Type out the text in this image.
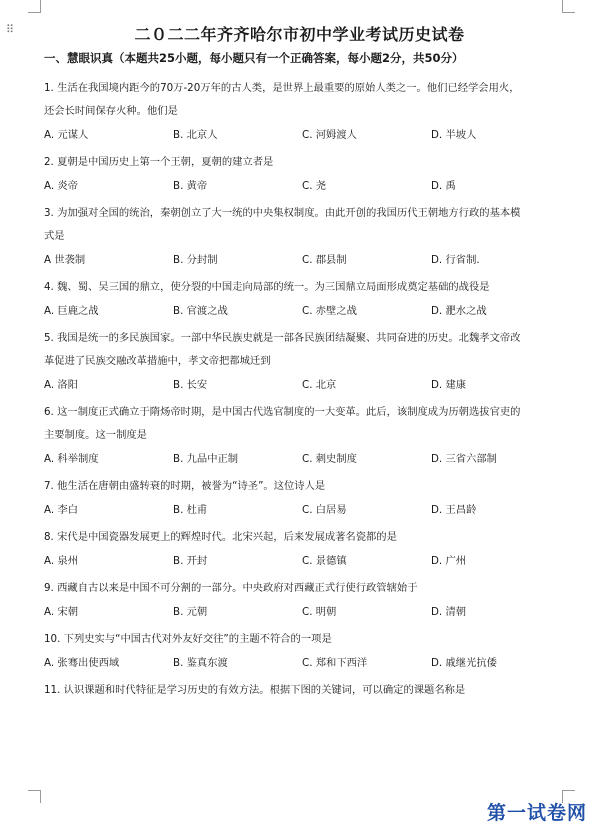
⠿	二０二二年齐齐哈尔市初中学业考试历史试卷
一、慧眼识真（本题共25小题，每小题只有一个正确答案，每小题2分，共50分）

1. 生活在我国境内距今的70万-20万年的古人类，是世界上最重要的原始人类之一。他们已经学会用火，

还会长时间保存火种。他们是

A. 元谋人	B. 北京人	C. 河姆渡人	D. 半坡人

2. 夏朝是中国历史上第一个王朝，夏朝的建立者是

A. 炎帝	B. 黄帝	C. 尧	D. 禹

3. 为加强对全国的统治，秦朝创立了大一统的中央集权制度。由此开创的我国历代王朝地方行政的基本模

式是

A 世袭制	B. 分封制	C. 郡县制	D. 行省制.

4. 魏、蜀、吴三国的鼎立，使分裂的中国走向局部的统一。为三国鼎立局面形成奠定基础的战役是

A. 巨鹿之战	B. 官渡之战	C. 赤壁之战	D. 淝水之战

5. 我国是统一的多民族国家。一部中华民族史就是一部各民族团结凝聚、共同奋进的历史。北魏孝文帝改

革促进了民族交融改革措施中，孝文帝把都城迁到

A. 洛阳	B. 长安	C. 北京	D. 建康

6. 这一制度正式确立于隋炀帝时期，是中国古代选官制度的一大变革。此后，该制度成为历朝选拔官吏的

主要制度。这一制度是

A. 科举制度	B. 九品中正制	C. 刺史制度	D. 三省六部制

7. 他生活在唐朝由盛转衰的时期，被誉为“诗圣”。这位诗人是

A. 李白	B. 杜甫	C. 白居易	D. 王昌龄

8. 宋代是中国瓷器发展更上的辉煌时代。北宋兴起，后来发展成著名瓷都的是

A. 泉州	B. 开封	C. 景德镇	D. 广州

9. 西藏自古以来是中国不可分割的一部分。中央政府对西藏正式行使行政管辖始于

A. 宋朝	B. 元朝	C. 明朝	D. 清朝

10. 下列史实与“中国古代对外友好交往”的主题不符合的一项是

A. 张骞出使西域	B. 鉴真东渡	C. 郑和下西洋	D. 戚继光抗倭

11. 认识课题和时代特征是学习历史的有效方法。根据下图的关键词，可以确定的课题名称是

第一试卷网
